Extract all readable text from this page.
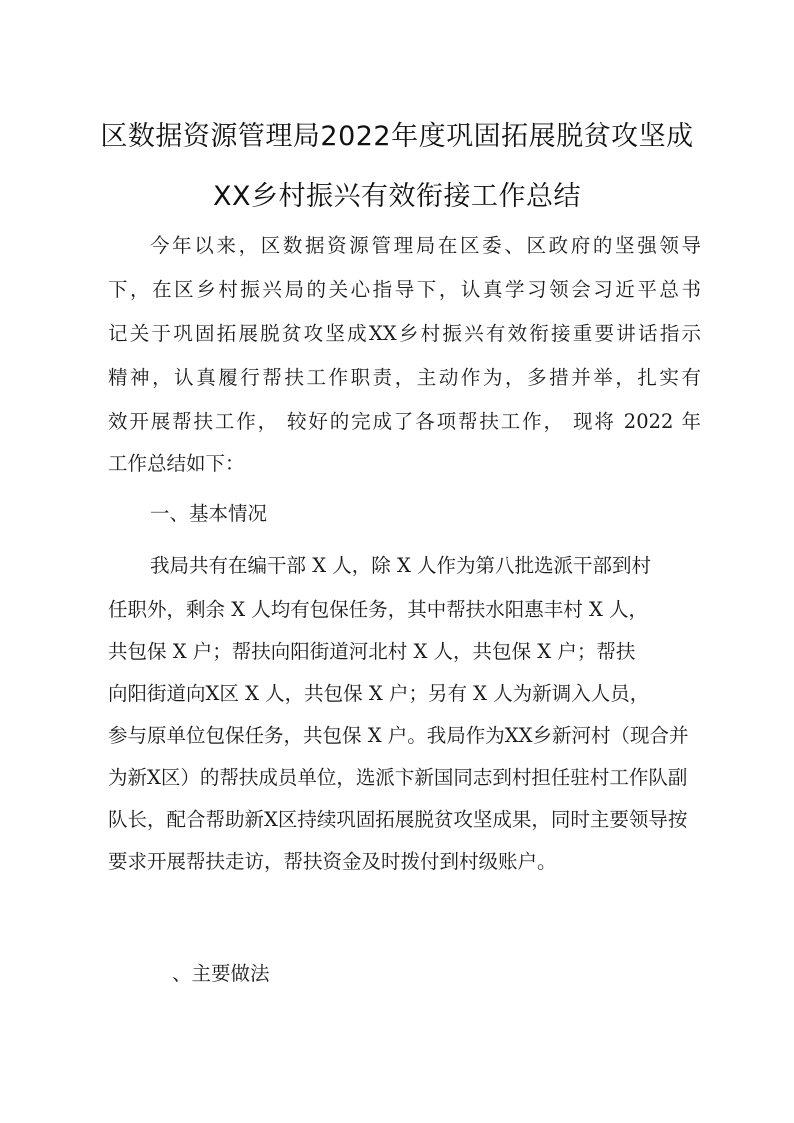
区数据资源管理局2022年度巩固拓展脱贫攻坚成
XX乡村振兴有效衔接工作总结
今年以来，区数据资源管理局在区委、区政府的坚强领导
下，在区乡村振兴局的关心指导下，认真学习领会习近平总书
记关于巩固拓展脱贫攻坚成XX乡村振兴有效衔接重要讲话指示
精神，认真履行帮扶工作职责，主动作为，多措并举，扎实有
效开展帮扶工作， 较好的完成了各项帮扶工作， 现将 2022 年
工作总结如下：
一、基本情况
我局共有在编干部 X 人，除 X 人作为第八批选派干部到村
任职外，剩余 X 人均有包保任务，其中帮扶水阳惠丰村 X 人，
共包保 X 户；帮扶向阳街道河北村 X 人，共包保 X 户；帮扶
向阳街道向X区 X 人，共包保 X 户；另有 X 人为新调入人员，
参与原单位包保任务，共包保 X 户。我局作为XX乡新河村（现合并
为新X区）的帮扶成员单位，选派卞新国同志到村担任驻村工作队副
队长，配合帮助新X区持续巩固拓展脱贫攻坚成果，同时主要领导按
要求开展帮扶走访，帮扶资金及时拨付到村级账户。
、主要做法
